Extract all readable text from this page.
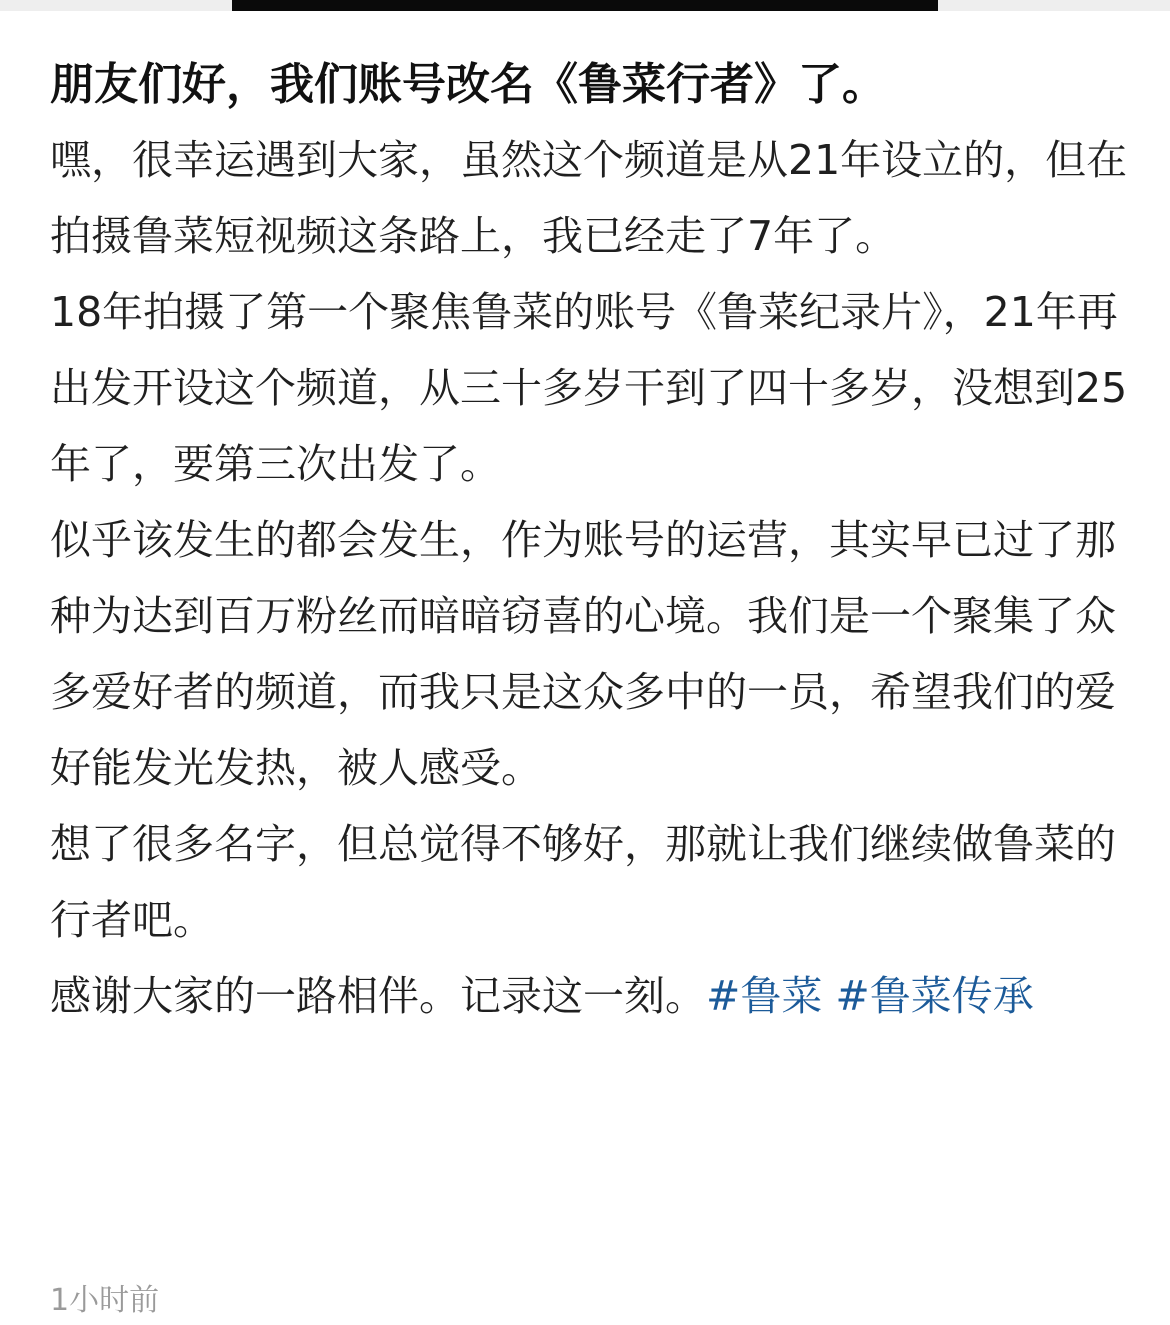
朋友们好，我们账号改名《鲁菜行者》了。

嘿，很幸运遇到大家，虽然这个频道是从21年设立的，但在拍摄鲁菜短视频这条路上，我已经走了7年了。

18年拍摄了第一个聚焦鲁菜的账号《鲁菜纪录片》，21年再出发开设这个频道，从三十多岁干到了四十多岁，没想到25年了，要第三次出发了。

似乎该发生的都会发生，作为账号的运营，其实早已过了那种为达到百万粉丝而暗暗窃喜的心境。我们是一个聚集了众多爱好者的频道，而我只是这众多中的一员，希望我们的爱好能发光发热，被人感受。

想了很多名字，但总觉得不够好，那就让我们继续做鲁菜的行者吧。

感谢大家的一路相伴。记录这一刻。#鲁菜 #鲁菜传承

1小时前
